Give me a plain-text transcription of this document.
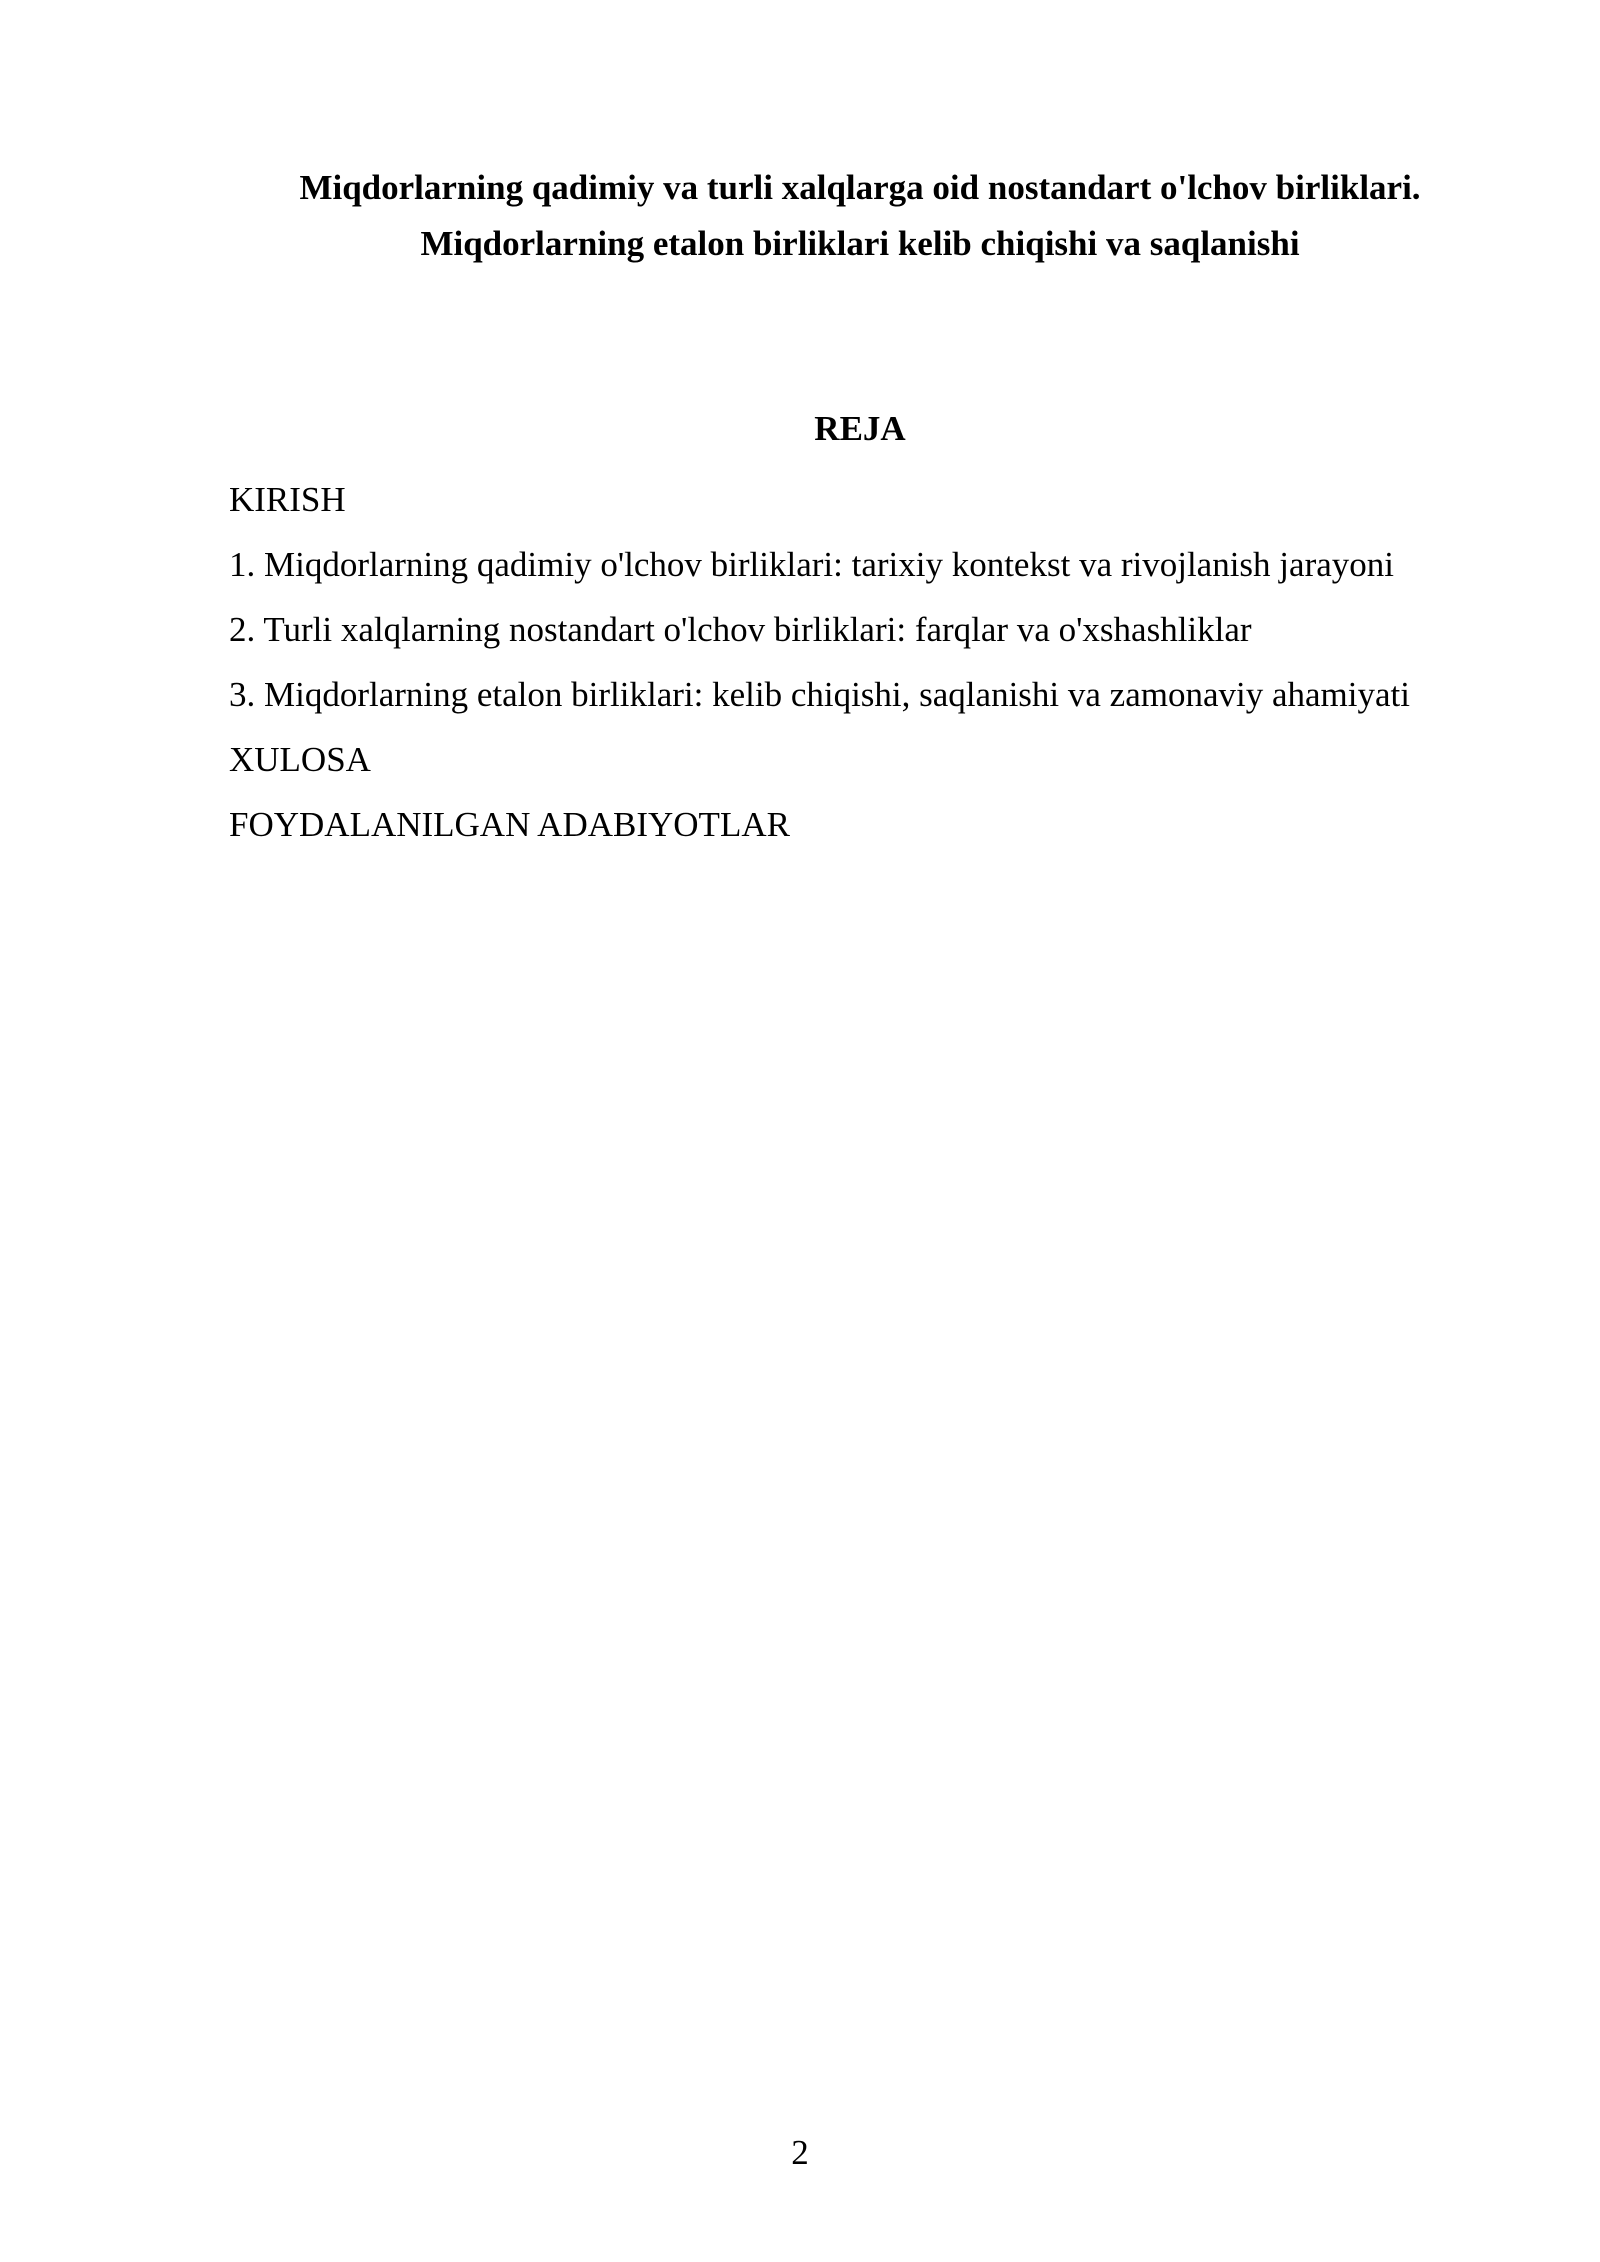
Miqdorlarning qadimiy va turli xalqlarga oid nostandart o'lchov birliklari.
Miqdorlarning etalon birliklari kelib chiqishi va saqlanishi
REJA
KIRISH
1. Miqdorlarning qadimiy o'lchov birliklari: tarixiy kontekst va rivojlanish jarayoni
2. Turli xalqlarning nostandart o'lchov birliklari: farqlar va o'xshashliklar
3. Miqdorlarning etalon birliklari: kelib chiqishi, saqlanishi va zamonaviy ahamiyati
XULOSA
FOYDALANILGAN ADABIYOTLAR
2
